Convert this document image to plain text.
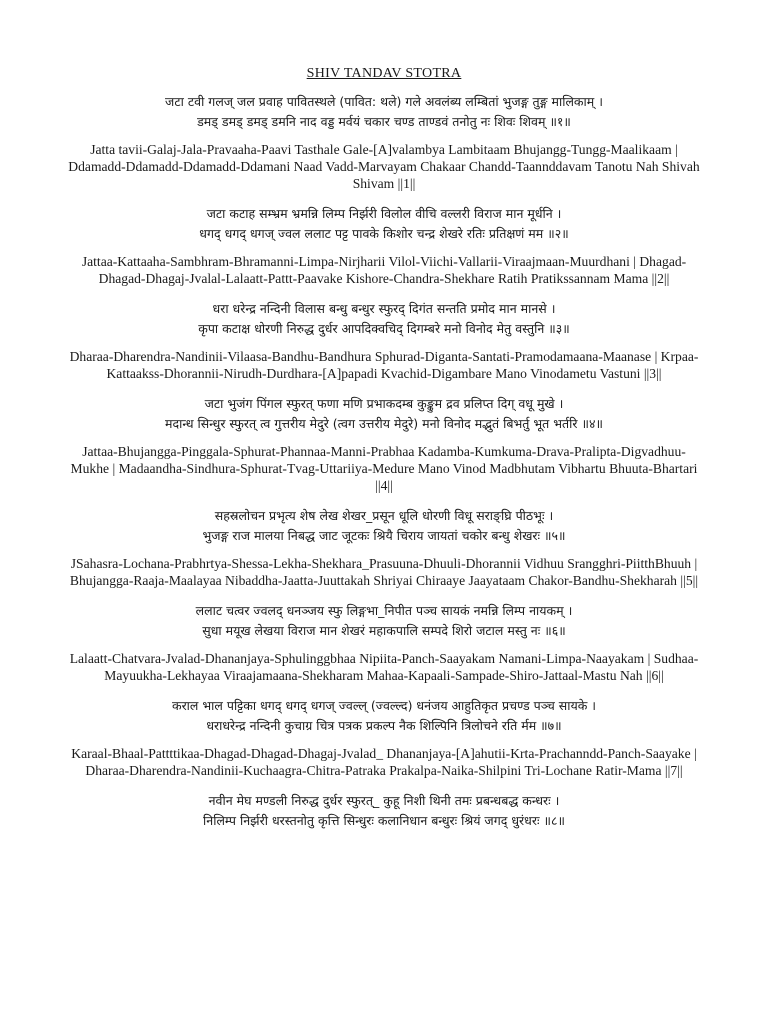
SHIV TANDAV STOTRA
जटा टवी गलज् जल प्रवाह पावितस्थले (पावित: थले) गले अवलंब्य लम्बितां भुजङ्ग तुङ्ग मालिकाम् ।
डमड् डमड् डमड् डमनि नाद वड्ड मर्वयं चकार चण्ड ताण्डवं तनोतु नः शिवः शिवम् ॥१॥
Jatta tavii-Galaj-Jala-Pravaaha-Paavi Tasthale Gale-[A]valambya Lambitaam Bhujangg-Tungg-Maalikaam | Ddamadd-Ddamadd-Ddamadd-Ddamani Naad Vadd-Marvayam Chakaar Chandd-Taannddavam Tanotu Nah Shivah Shivam ||1||
जटा कटाह सम्भ्रम भ्रमन्नि लिम्प निर्झरी विलोल वीचि वल्लरी विराज मान मूर्धनि ।
धगद् धगद् धगज् ज्वल ललाट पट्ट पावके किशोर चन्द्र शेखरे रतिः प्रतिक्षणं मम ॥२॥
Jattaa-Kattaaha-Sambhram-Bhramanni-Limpa-Nirjharii Vilol-Viichi-Vallarii-Viraajmaan-Muurdhani | Dhagad-Dhagad-Dhagaj-Jvalal-Lalaatt-Pattt-Paavake Kishore-Chandra-Shekhare Ratih Pratikssannam Mama ||2||
धरा धरेन्द्र नन्दिनी विलास बन्धु बन्धुर स्फुरद् दिगंत सन्तति प्रमोद मान मानसे ।
कृपा कटाक्ष धोरणी निरुद्ध दुर्धर आपदिक्वचिद् दिगम्बरे मनो विनोद मेतु वस्तुनि ॥३॥
Dharaa-Dharendra-Nandinii-Vilaasa-Bandhu-Bandhura Sphurad-Diganta-Santati-Pramodamaana-Maanase | Krpaa-Kattaakss-Dhorannii-Nirudh-Durdhara-[A]papadi Kvachid-Digambare Mano Vinodametu Vastuni ||3||
जटा भुजंग पिंगल स्फुरत् फणा मणि प्रभाकदम्ब कुङ्कुम द्रव प्रलिप्त दिग् वधू मुखे ।
मदान्ध सिन्धुर स्फुरत् त्व गुत्तरीय मेदुरे (त्वग उत्तरीय मेदुरे) मनो विनोद मद्भुतं बिभर्तु भूत भर्तरि ॥४॥
Jattaa-Bhujangga-Pinggala-Sphurat-Phannaa-Manni-Prabhaa Kadamba-Kumkuma-Drava-Pralipta-Digvadhuu-Mukhe | Madaandha-Sindhura-Sphurat-Tvag-Uttariiya-Medure Mano Vinod Madbhutam Vibhartu Bhuuta-Bhartari ||4||
सहस्रलोचन प्रभृत्य शेष लेख शेखर_प्रसून धूलि धोरणी विधू सराङ्घ्रि पीठभूः ।
भुजङ्ग राज मालया निबद्ध जाट जूटकः श्रियै चिराय जायतां चकोर बन्धु शेखरः ॥५॥
JSahasra-Lochana-Prabhrtya-Shessa-Lekha-Shekhara_Prasuuna-Dhuuli-Dhorannii Vidhuu Srangghri-PiitthBhuuh | Bhujangga-Raaja-Maalayaa Nibaddha-Jaatta-Juuttakah Shriyai Chiraaye Jaayataam Chakor-Bandhu-Shekharah ||5||
ललाट चत्वर ज्वलद् धनञ्जय स्फु लिङ्गभा_निपीत पञ्च सायकं नमन्नि लिम्प नायकम् ।
सुधा मयूख लेखया विराज मान शेखरं महाकपालि सम्पदे शिरो जटाल मस्तु नः ॥६॥
Lalaatt-Chatvara-Jvalad-Dhananjaya-Sphulinggbhaa Nipiita-Panch-Saayakam Namani-Limpa-Naayakam | Sudhaa-Mayuukha-Lekhayaa Viraajamaana-Shekharam Mahaa-Kapaali-Sampade-Shiro-Jattaal-Mastu Nah ||6||
कराल भाल पट्टिका धगद् धगद् धगज् ज्वल्ल् (ज्वल्ल्द) धनंजय आहुतिकृत प्रचण्ड पञ्च सायके ।
धराधरेन्द्र नन्दिनी कुचाग्र चित्र पत्रक प्रकल्प नैक शिल्पिनि त्रिलोचने रति र्मम ॥७॥
Karaal-Bhaal-Pattttikaa-Dhagad-Dhagad-Dhagaj-Jvalad_ Dhananjaya-[A]ahutii-Krta-Prachanndd-Panch-Saayake | Dharaa-Dharendra-Nandinii-Kuchaagra-Chitra-Patraka Prakalpa-Naika-Shilpini Tri-Lochane Ratir-Mama ||7||
नवीन मेघ मण्डली निरुद्ध दुर्धर स्फुरत्_ कुहू निशी थिनी तमः प्रबन्धबद्ध कन्धरः ।
निलिम्प निर्झरी धरस्तनोतु कृत्ति सिन्धुरः कलानिधान बन्धुरः श्रियं जगद् धुरंधरः ॥८॥
